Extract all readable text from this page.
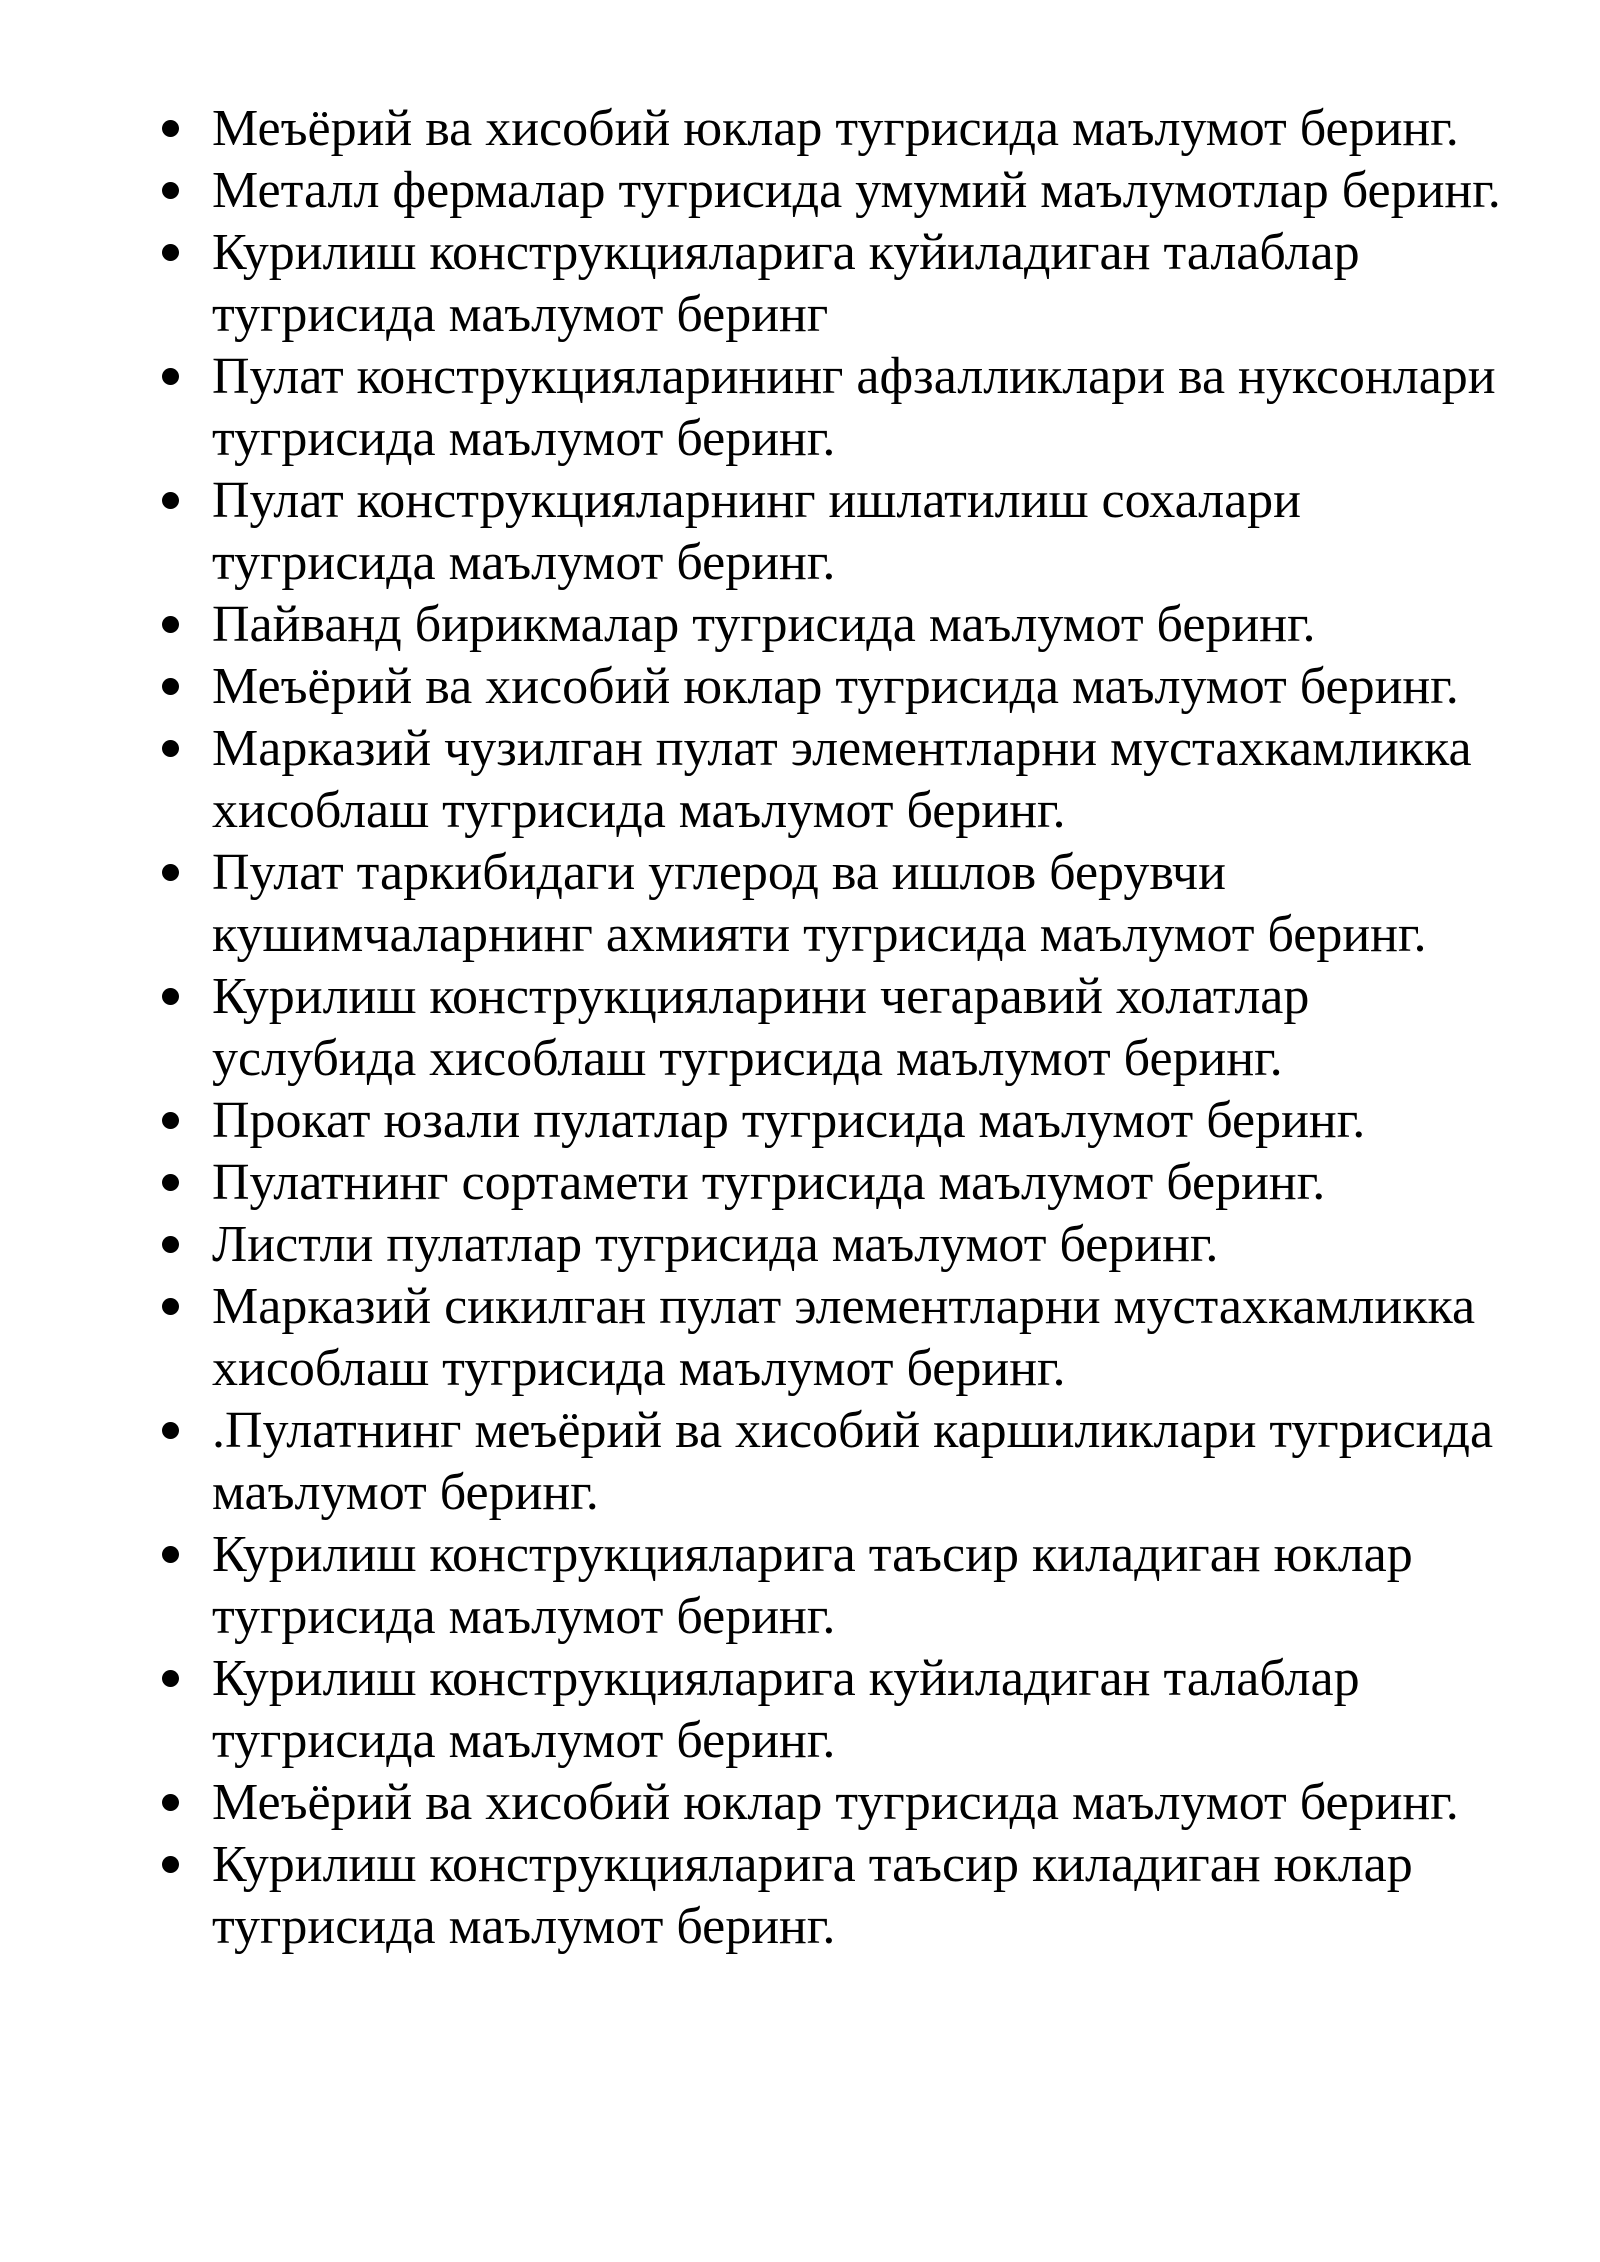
Меъёрий ва хисобий юклар тугрисида маълумот беринг.
Металл фермалар тугрисида умумий маълумотлар беринг.
Курилиш конструкцияларига куйиладиган талаблар тугрисида маълумот беринг
Пулат конструкцияларининг афзалликлари ва нуксонлари тугрисида маълумот беринг.
Пулат конструкцияларнинг ишлатилиш сохалари тугрисида маълумот беринг.
Пайванд бирикмалар тугрисида маълумот беринг.
Меъёрий ва хисобий юклар тугрисида маълумот беринг.
Марказий чузилган пулат элементларни мустахкамликка хисоблаш тугрисида маълумот беринг.
Пулат таркибидаги углерод ва ишлов берувчи кушимчаларнинг ахмияти тугрисида маълумот беринг.
Курилиш конструкцияларини чегаравий холатлар услубида хисоблаш тугрисида маълумот беринг.
Прокат юзали пулатлар тугрисида маълумот беринг.
Пулатнинг сортамети тугрисида маълумот беринг.
Листли пулатлар тугрисида маълумот беринг.
Марказий сикилган пулат элементларни мустахкамликка хисоблаш тугрисида маълумот беринг.
.Пулатнинг меъёрий ва хисобий каршиликлари тугрисида маълумот беринг.
Курилиш конструкцияларига таъсир киладиган юклар тугрисида маълумот беринг.
Курилиш конструкцияларига куйиладиган талаблар тугрисида маълумот беринг.
Меъёрий ва хисобий юклар тугрисида маълумот беринг.
Курилиш конструкцияларига таъсир киладиган юклар тугрисида маълумот беринг.
